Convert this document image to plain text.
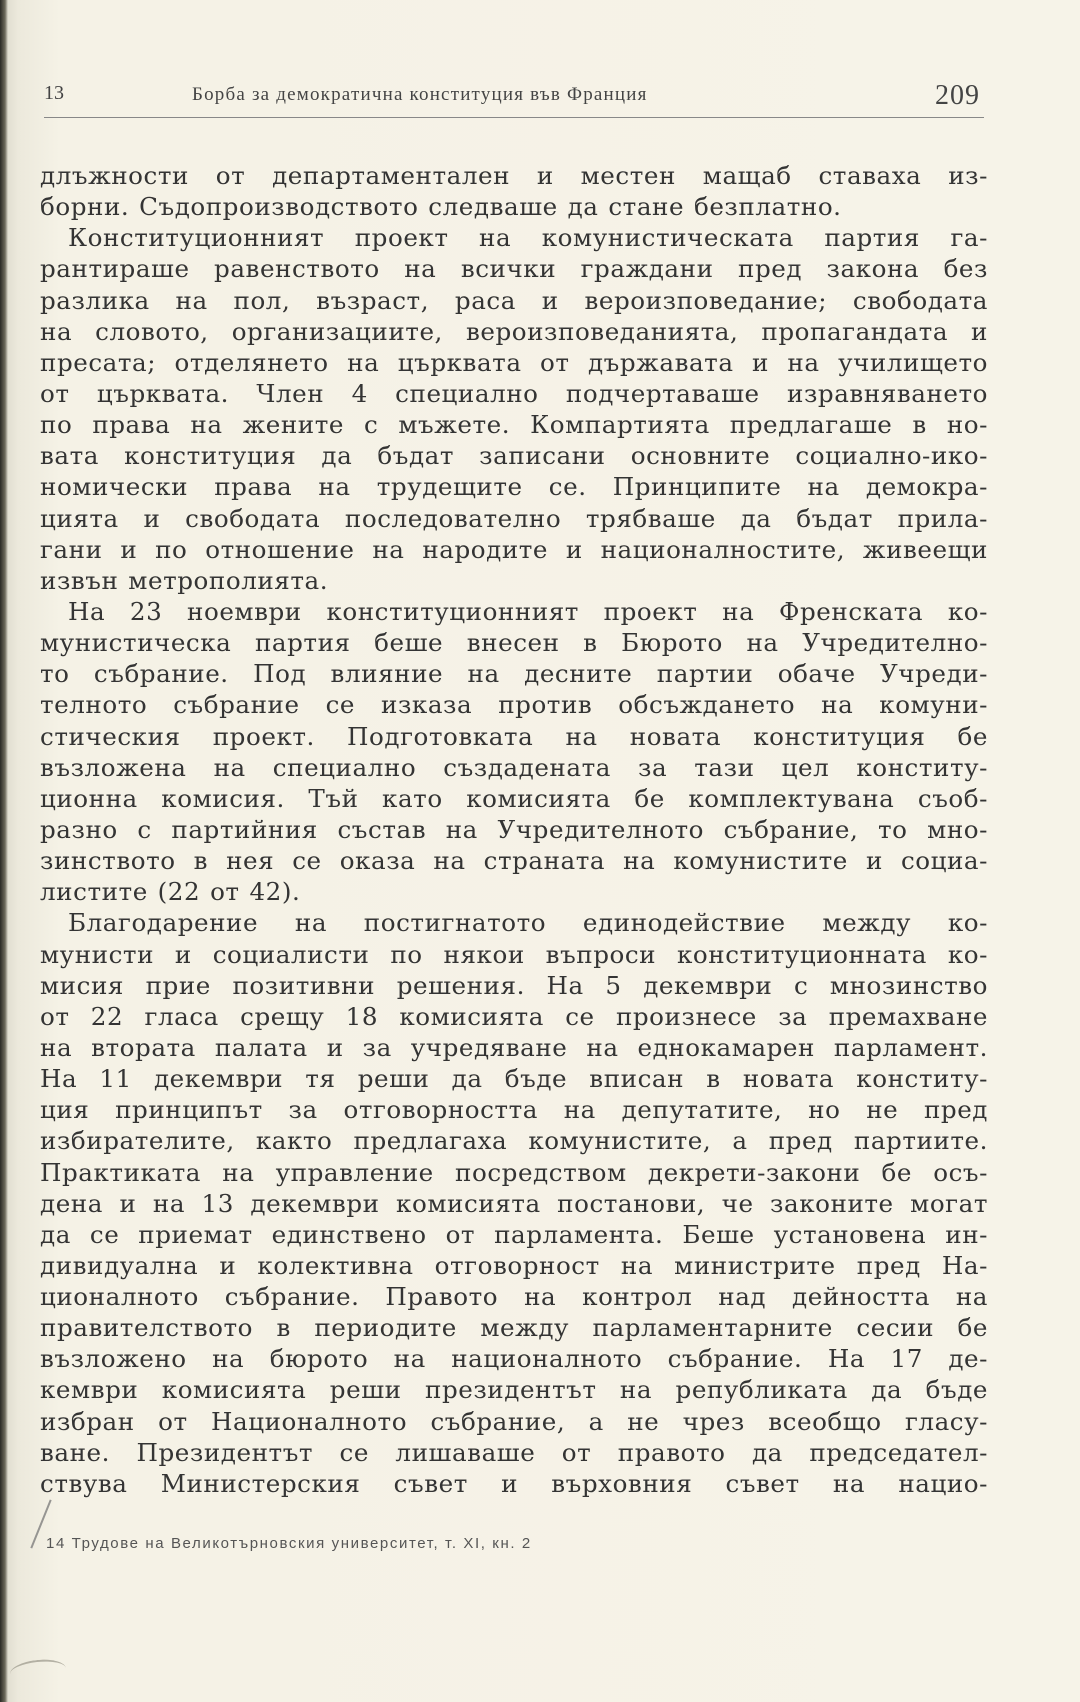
13	Борба за демократична конституция във Франция	209
длъжности от департаментален и местен мащаб ставаха из-
борни. Съдопроизводството следваше да стане безплатно.
Конституционният проект на комунистическата партия га-
рантираше равенството на всички граждани пред закона без
разлика на пол, възраст, раса и вероизповедание; свободата
на словото, организациите, вероизповеданията, пропагандата и
пресата; отделянето на църквата от държавата и на училището
от църквата. Член 4 специално подчертаваше изравняването
по права на жените с мъжете. Компартията предлагаше в но-
вата конституция да бъдат записани основните социално-ико-
номически права на трудещите се. Принципите на демокра-
цията и свободата последователно трябваше да бъдат прила-
гани и по отношение на народите и националностите, живеещи
извън метрополията.
На 23 ноември конституционният проект на Френската ко-
мунистическа партия беше внесен в Бюрото на Учредително-
то събрание. Под влияние на десните партии обаче Учреди-
телното събрание се изказа против обсъждането на комуни-
стическия проект. Подготовката на новата конституция бе
възложена на специално създадената за тази цел конститу-
ционна комисия. Тъй като комисията бе комплектувана съоб-
разно с партийния състав на Учредителното събрание, то мно-
зинството в нея се оказа на страната на комунистите и социа-
листите (22 от 42).
Благодарение на постигнатото единодействие между ко-
мунисти и социалисти по някои въпроси конституционната ко-
мисия прие позитивни решения. На 5 декември с мнозинство
от 22 гласа срещу 18 комисията се произнесе за премахване
на втората палата и за учредяване на еднокамарен парламент.
На 11 декември тя реши да бъде вписан в новата конститу-
ция принципът за отговорността на депутатите, но не пред
избирателите, както предлагаха комунистите, а пред партиите.
Практиката на управление посредством декрети-закони бе осъ-
дена и на 13 декември комисията постанови, че законите могат
да се приемат единствено от парламента. Беше установена ин-
дивидуална и колективна отговорност на министрите пред На-
ционалното събрание. Правото на контрол над дейността на
правителството в периодите между парламентарните сесии бе
възложено на бюрото на националното събрание. На 17 де-
кември комисията реши президентът на републиката да бъде
избран от Националното събрание, а не чрез всеобщо гласу-
ване. Президентът се лишаваше от правото да председател-
ствува Министерския съвет и върховния съвет на нацио-
14 Трудове на Великотърновския университет, т. XI, кн. 2
